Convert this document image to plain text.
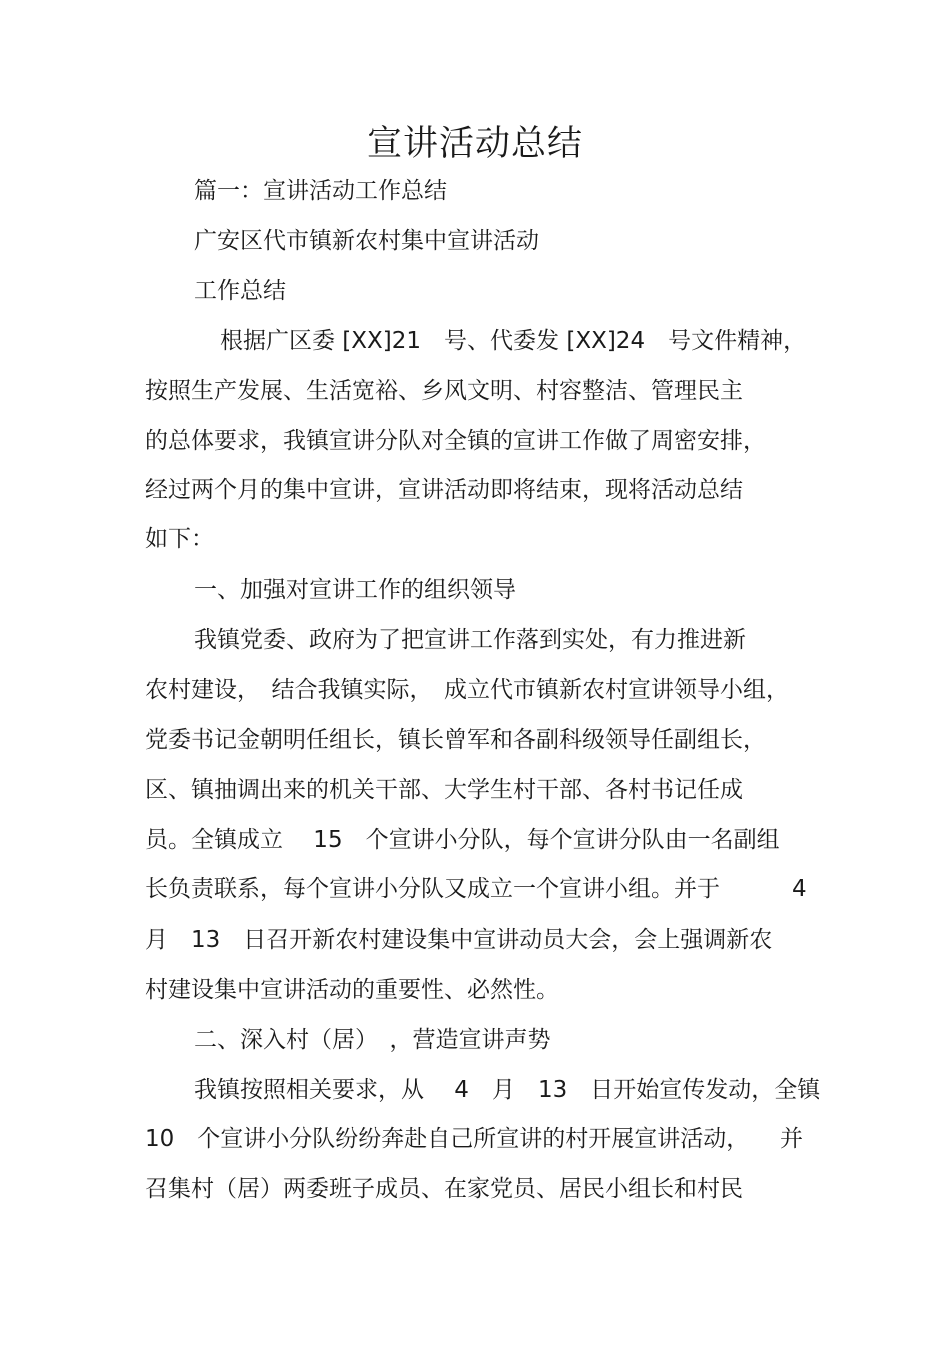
宣讲活动总结
篇一：宣讲活动工作总结
广安区代市镇新农村集中宣讲活动
工作总结
根据广区委 [XX]21　号、代委发 [XX]24　号文件精神，
按照生产发展、生活宽裕、乡风文明、村容整洁、管理民主
的总体要求，我镇宣讲分队对全镇的宣讲工作做了周密安排，
经过两个月的集中宣讲，宣讲活动即将结束，现将活动总结
如下：
一、加强对宣讲工作的组织领导
我镇党委、政府为了把宣讲工作落到实处，有力推进新
农村建设，　结合我镇实际，　成立代市镇新农村宣讲领导小组，
党委书记金朝明任组长，镇长曾军和各副科级领导任副组长，
区、镇抽调出来的机关干部、大学生村干部、各村书记任成
员。全镇成立　 15　个宣讲小分队，每个宣讲分队由一名副组
长负责联系，每个宣讲小分队又成立一个宣讲小组。并于	4
月　13　日召开新农村建设集中宣讲动员大会，会上强调新农
村建设集中宣讲活动的重要性、必然性。
二、深入村（居）　，营造宣讲声势
我镇按照相关要求，从　 4　月　13　日开始宣传发动，全镇
10　个宣讲小分队纷纷奔赴自己所宣讲的村开展宣讲活动， 并
召集村（居）两委班子成员、在家党员、居民小组长和村民
